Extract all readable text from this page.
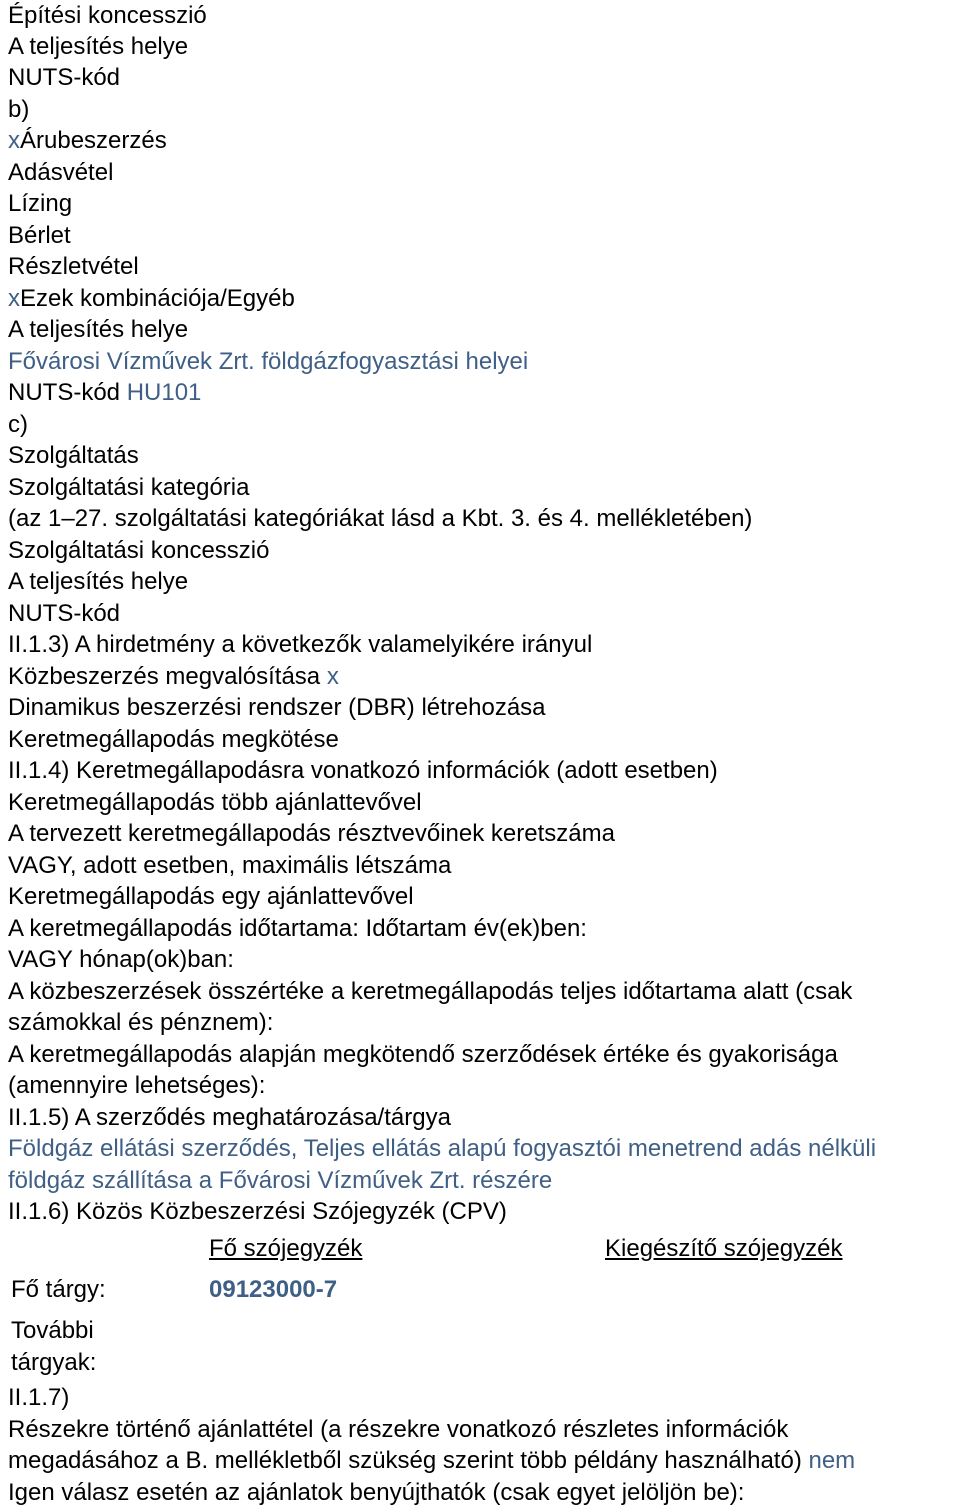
Építési koncesszió
A teljesítés helye
NUTS-kód
b)
xÁrubeszerzés
Adásvétel
Lízing
Bérlet
Részletvétel
xEzek kombinációja/Egyéb
A teljesítés helye
Fővárosi Vízművek Zrt. földgázfogyasztási helyei
NUTS-kód HU101
c)
Szolgáltatás
Szolgáltatási kategória
(az 1–27. szolgáltatási kategóriákat lásd a Kbt. 3. és 4. mellékletében)
Szolgáltatási koncesszió
A teljesítés helye
NUTS-kód
II.1.3) A hirdetmény a következők valamelyikére irányul
Közbeszerzés megvalósítása x
Dinamikus beszerzési rendszer (DBR) létrehozása
Keretmegállapodás megkötése
II.1.4) Keretmegállapodásra vonatkozó információk (adott esetben)
Keretmegállapodás több ajánlattevővel
A tervezett keretmegállapodás résztvevőinek keretszáma
VAGY, adott esetben, maximális létszáma
Keretmegállapodás egy ajánlattevővel
A keretmegállapodás időtartama: Időtartam év(ek)ben:
VAGY hónap(ok)ban:
A közbeszerzések összértéke a keretmegállapodás teljes időtartama alatt (csak
számokkal és pénznem):
A keretmegállapodás alapján megkötendő szerződések értéke és gyakorisága
(amennyire lehetséges):
II.1.5) A szerződés meghatározása/tárgya
Földgáz ellátási szerződés, Teljes ellátás alapú fogyasztói menetrend adás nélküli
földgáz szállítása a Fővárosi Vízművek Zrt. részére
II.1.6) Közös Közbeszerzési Szójegyzék (CPV)
Fő szójegyzék	Kiegészítő szójegyzék
Fő tárgy:	09123000-7
További
tárgyak:
II.1.7)
Részekre történő ajánlattétel (a részekre vonatkozó részletes információk
megadásához a B. mellékletből szükség szerint több példány használható) nem
Igen válasz esetén az ajánlatok benyújthatók (csak egyet jelöljön be):
